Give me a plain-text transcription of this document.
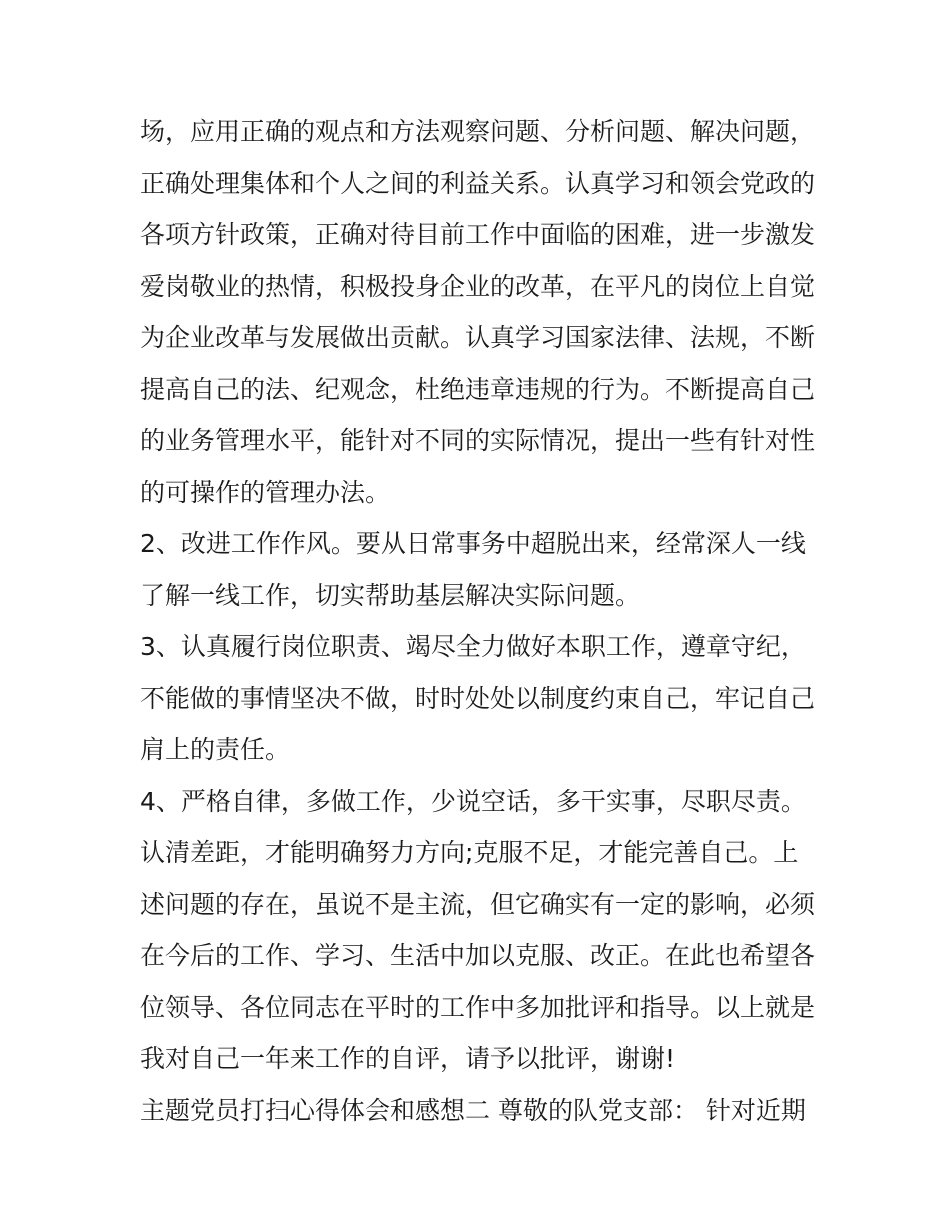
场，应用正确的观点和方法观察问题、分析问题、解决问题，
正确处理集体和个人之间的利益关系。认真学习和领会党政的
各项方针政策，正确对待目前工作中面临的困难，进一步激发
爱岗敬业的热情，积极投身企业的改革，在平凡的岗位上自觉
为企业改革与发展做出贡献。认真学习国家法律、法规，不断
提高自己的法、纪观念，杜绝违章违规的行为。不断提高自己
的业务管理水平，能针对不同的实际情况，提出一些有针对性
的可操作的管理办法。
2、改进工作作风。要从日常事务中超脱出来，经常深人一线
了解一线工作，切实帮助基层解决实际问题。
3、认真履行岗位职责、竭尽全力做好本职工作，遵章守纪，
不能做的事情坚决不做，时时处处以制度约束自己，牢记自己
肩上的责任。
4、严格自律，多做工作，少说空话，多干实事，尽职尽责。
认清差距，才能明确努力方向;克服不足，才能完善自己。上
述问题的存在，虽说不是主流，但它确实有一定的影响，必须
在今后的工作、学习、生活中加以克服、改正。在此也希望各
位领导、各位同志在平时的工作中多加批评和指导。以上就是
我对自己一年来工作的自评，请予以批评，谢谢!
主题党员打扫心得体会和感想二 尊敬的队党支部： 针对近期
